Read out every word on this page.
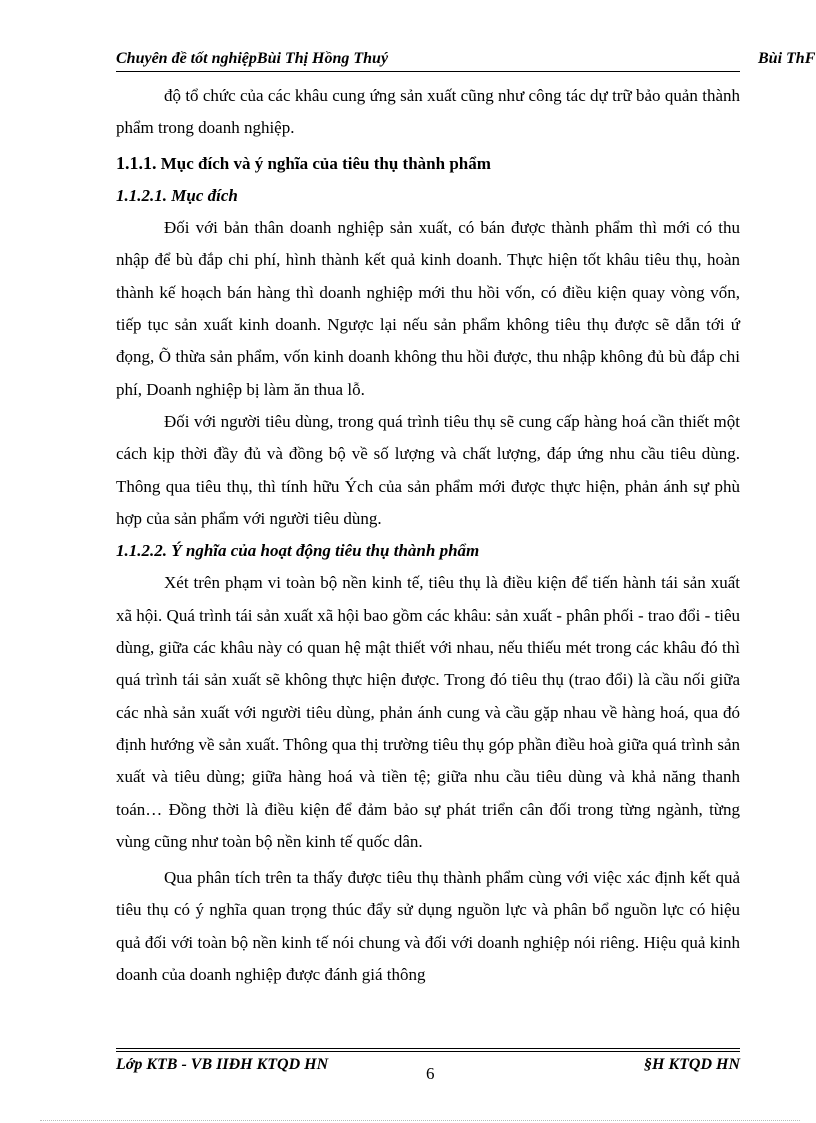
Chuyên đề tốt nghiệpBùi Thị Hồng Thuý	Bùi ThF

độ tổ chức của các khâu cung ứng sản xuất cũng như công tác dự trữ bảo quản thành phẩm trong doanh nghiệp.

1.1.1. Mục đích và ý nghĩa của tiêu thụ thành phẩm

1.1.2.1. Mục đích

Đối với bản thân doanh nghiệp sản xuất, có bán được thành phẩm thì mới có thu nhập để bù đắp chi phí, hình thành kết quả kinh doanh. Thực hiện tốt khâu tiêu thụ, hoàn thành kế hoạch bán hàng thì doanh nghiệp mới thu hồi vốn, có điều kiện quay vòng vốn, tiếp tục sản xuất kinh doanh. Ngược lại nếu sản phẩm không tiêu thụ được sẽ dẫn tới ứ đọng, Õ thừa sản phẩm, vốn kinh doanh không thu hồi được, thu nhập không đủ bù đắp chi phí, Doanh nghiệp bị làm ăn thua lỗ.

Đối với người tiêu dùng, trong quá trình tiêu thụ sẽ cung cấp hàng hoá cần thiết một cách kịp thời đầy đủ và đồng bộ về số lượng và chất lượng, đáp ứng nhu cầu tiêu dùng. Thông qua tiêu thụ, thì tính hữu Ých của sản phẩm mới được thực hiện, phản ánh sự phù hợp của sản phẩm với người tiêu dùng.

1.1.2.2. Ý nghĩa của hoạt động tiêu thụ thành phẩm

Xét trên phạm vi toàn bộ nền kinh tế, tiêu thụ là điều kiện để tiến hành tái sản xuất xã hội. Quá trình tái sản xuất xã hội bao gồm các khâu: sản xuất - phân phối - trao đổi - tiêu dùng, giữa các khâu này có quan hệ mật thiết với nhau, nếu thiếu mét trong các khâu đó thì quá trình tái sản xuất sẽ không thực hiện được. Trong đó tiêu thụ (trao đổi) là cầu nối giữa các nhà sản xuất với người tiêu dùng, phản ánh cung và cầu gặp nhau về hàng hoá, qua đó định hướng về sản xuất. Thông qua thị trường tiêu thụ góp phần điều hoà giữa quá trình sản xuất và tiêu dùng; giữa hàng hoá và tiền tệ; giữa nhu cầu tiêu dùng và khả năng thanh toán… Đồng thời là điều kiện để đảm bảo sự phát triển cân đối trong từng ngành, từng vùng cũng như toàn bộ nền kinh tế quốc dân.

Qua phân tích trên ta thấy được tiêu thụ thành phẩm cùng với việc xác định kết quả tiêu thụ có ý nghĩa quan trọng thúc đẩy sử dụng nguồn lực và phân bổ nguồn lực có hiệu quả đối với toàn bộ nền kinh tế nói chung và đối với doanh nghiệp nói riêng. Hiệu quả kinh doanh của doanh nghiệp được đánh giá thông

Lớp KTB - VB IIĐH KTQD HN	6	§H KTQD HN
